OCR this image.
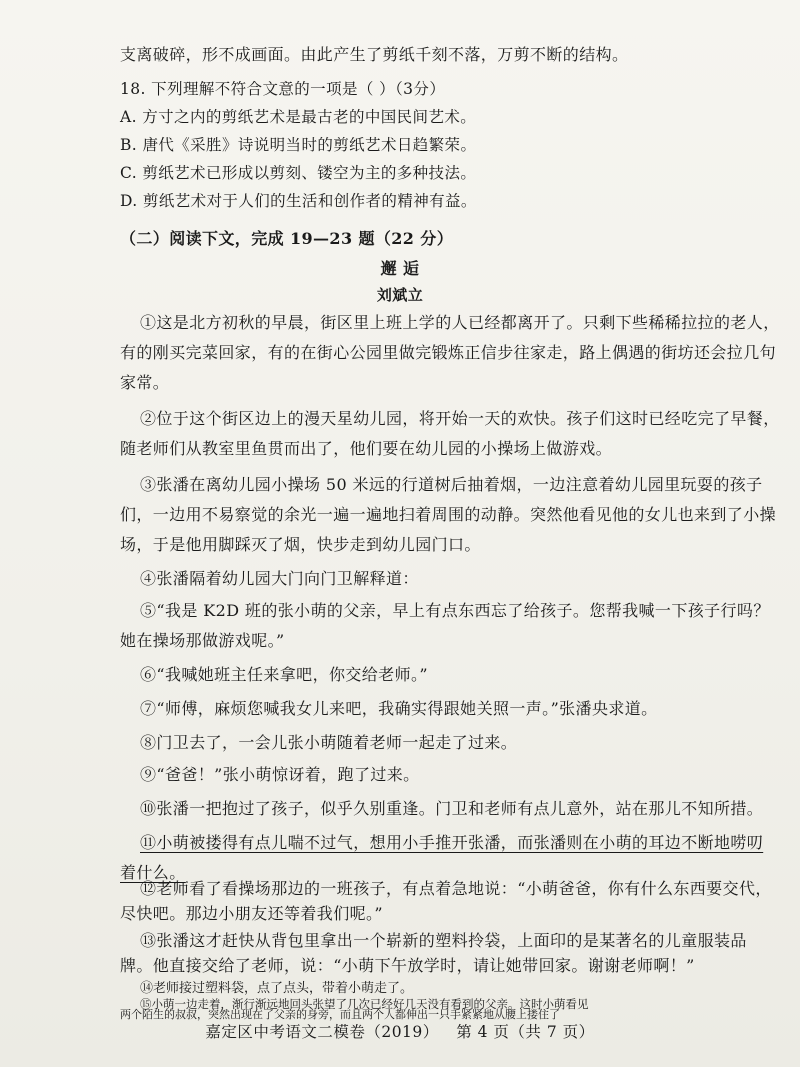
支离破碎，形不成画面。由此产生了剪纸千刻不落，万剪不断的结构。
18. 下列理解不符合文意的一项是（ ）（3分）
A. 方寸之内的剪纸艺术是最古老的中国民间艺术。
B. 唐代《采胜》诗说明当时的剪纸艺术日趋繁荣。
C. 剪纸艺术已形成以剪刻、镂空为主的多种技法。
D. 剪纸艺术对于人们的生活和创作者的精神有益。
（二）阅读下文，完成 19—23 题（22 分）
邂 逅
刘斌立
①这是北方初秋的早晨，街区里上班上学的人已经都离开了。只剩下些稀稀拉拉的老人，
有的刚买完菜回家，有的在街心公园里做完锻炼正信步往家走，路上偶遇的街坊还会拉几句
家常。
②位于这个街区边上的漫天星幼儿园，将开始一天的欢快。孩子们这时已经吃完了早餐，
随老师们从教室里鱼贯而出了，他们要在幼儿园的小操场上做游戏。
③张潘在离幼儿园小操场 50 米远的行道树后抽着烟，一边注意着幼儿园里玩耍的孩子
们，一边用不易察觉的余光一遍一遍地扫着周围的动静。突然他看见他的女儿也来到了小操
场，于是他用脚踩灭了烟，快步走到幼儿园门口。
④张潘隔着幼儿园大门向门卫解释道：
⑤“我是 K2D 班的张小萌的父亲，早上有点东西忘了给孩子。您帮我喊一下孩子行吗？
她在操场那做游戏呢。”
⑥“我喊她班主任来拿吧，你交给老师。”
⑦“师傅，麻烦您喊我女儿来吧，我确实得跟她关照一声。”张潘央求道。
⑧门卫去了，一会儿张小萌随着老师一起走了过来。
⑨“爸爸！”张小萌惊讶着，跑了过来。
⑩张潘一把抱过了孩子，似乎久别重逢。门卫和老师有点儿意外，站在那儿不知所措。
⑪小萌被搂得有点儿喘不过气，想用小手推开张潘，而张潘则在小萌的耳边不断地唠叨
着什么。
⑫老师看了看操场那边的一班孩子，有点着急地说：“小萌爸爸，你有什么东西要交代，
尽快吧。那边小朋友还等着我们呢。”
⑬张潘这才赶快从背包里拿出一个崭新的塑料拎袋，上面印的是某著名的儿童服装品
牌。他直接交给了老师，说：“小萌下午放学时，请让她带回家。谢谢老师啊！”
⑭老师接过塑料袋，点了点头，带着小萌走了。
⑮小萌一边走着，渐行渐远地回头张望了几次已经好几天没有看到的父亲。这时小萌看见
两个陌生的叔叔，突然出现在了父亲的身旁，而且两个人都伸出一只手紧紧地从腰上搂住了
嘉定区中考语文二模卷（2019） 第 4 页（共 7 页）
